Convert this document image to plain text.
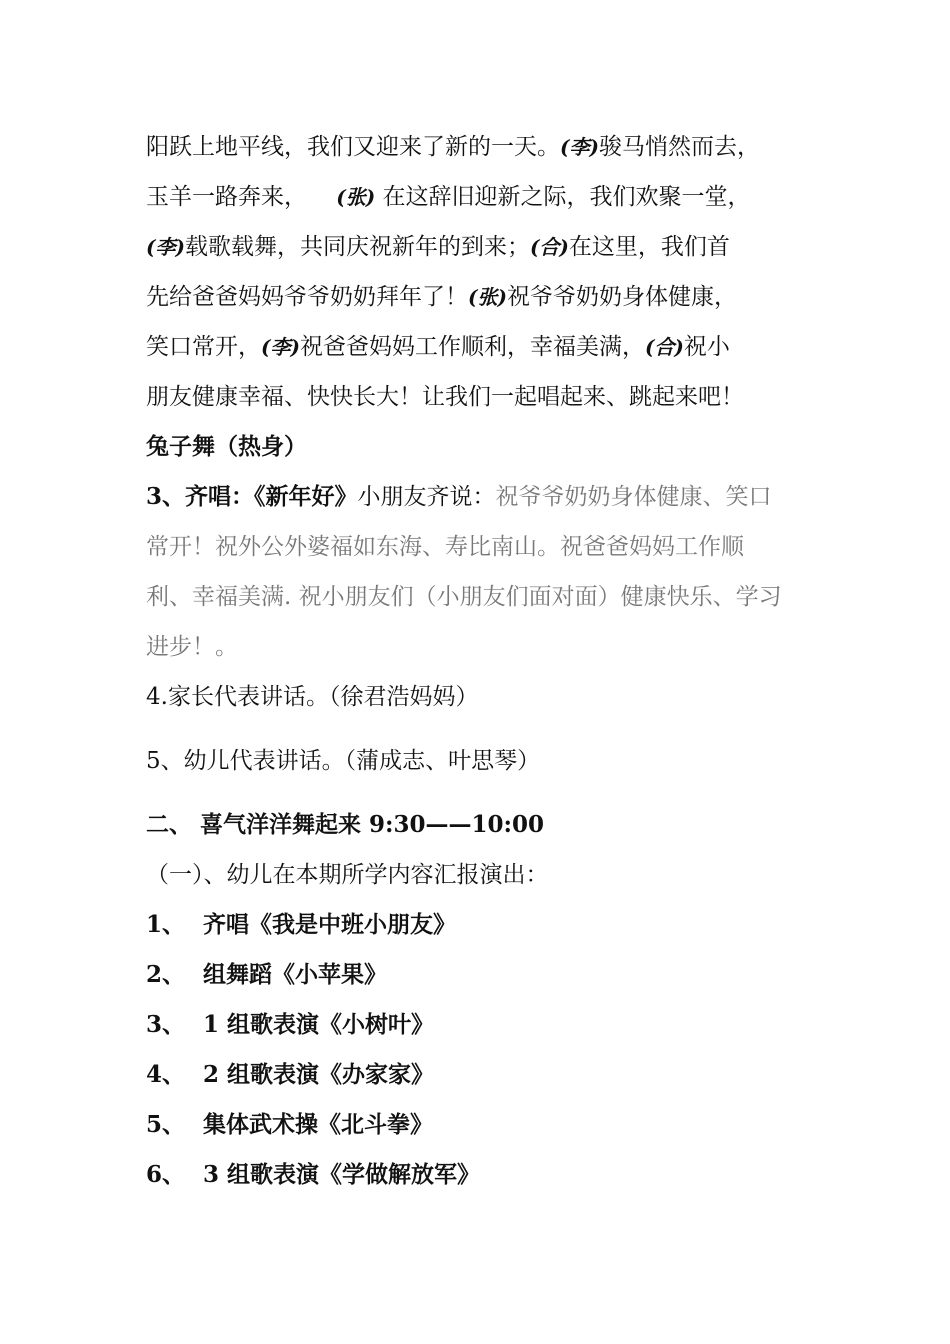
阳跃上地平线，我们又迎来了新的一天。(李)骏马悄然而去，
玉羊一路奔来， (张) 在这辞旧迎新之际，我们欢聚一堂，
(李)载歌载舞，共同庆祝新年的到来；(合)在这里，我们首
先给爸爸妈妈爷爷奶奶拜年了！(张)祝爷爷奶奶身体健康，
笑口常开，(李)祝爸爸妈妈工作顺利，幸福美满，(合)祝小
朋友健康幸福、快快长大！让我们一起唱起来、跳起来吧！
兔子舞（热身）
3、齐唱：《新年好》小朋友齐说：祝爷爷奶奶身体健康、笑口
常开！祝外公外婆福如东海、寿比南山。祝爸爸妈妈工作顺
利、幸福美满. 祝小朋友们（小朋友们面对面）健康快乐、学习
进步！。
4.家长代表讲话。（徐君浩妈妈）
5、幼儿代表讲话。（蒲成志、叶思琴）
二、 喜气洋洋舞起来 9:30——10:00
（一）、幼儿在本期所学内容汇报演出：
1、 齐唱《我是中班小朋友》
2、 组舞蹈《小苹果》
3、 1 组歌表演《小树叶》
4、 2 组歌表演《办家家》
5、 集体武术操《北斗拳》
6、 3 组歌表演《学做解放军》
